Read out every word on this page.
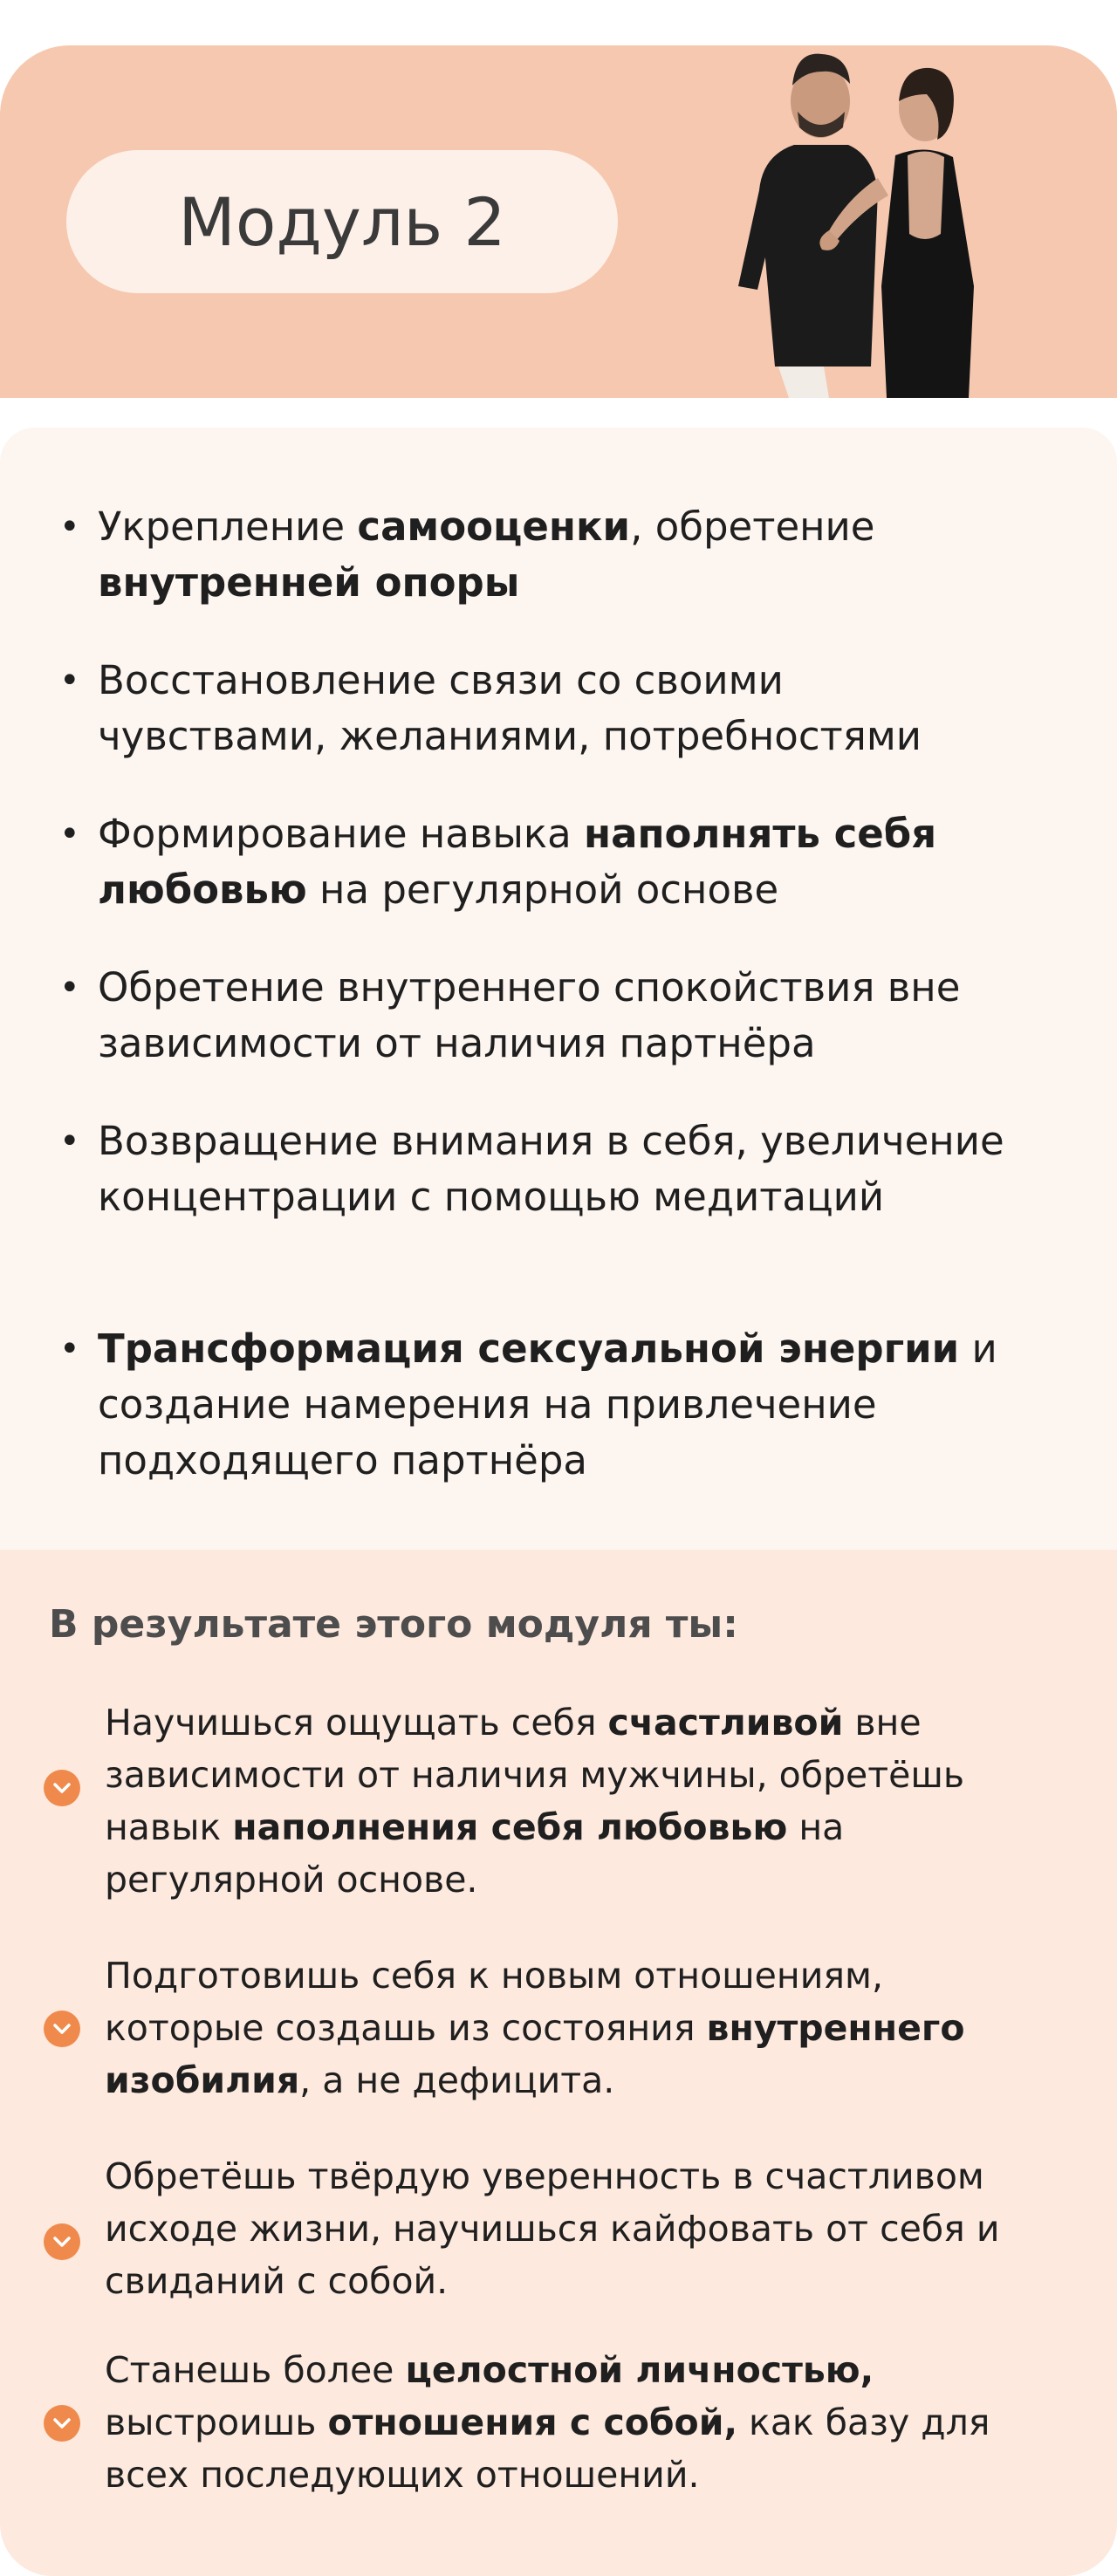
Модуль 2
• Укрепление самооценки, обретение внутренней опоры
• Восстановление связи со своими чувствами, желаниями, потребностями
• Формирование навыка наполнять себя любовью на регулярной основе
• Обретение внутреннего спокойствия вне зависимости от наличия партнёра
• Возвращение внимания в себя, увеличение концентрации с помощью медитаций
• Трансформация сексуальной энергии и создание намерения на привлечение подходящего партнёра
В результате этого модуля ты:
Научишься ощущать себя счастливой вне зависимости от наличия мужчины, обретёшь навык наполнения себя любовью на регулярной основе.
Подготовишь себя к новым отношениям, которые создашь из состояния внутреннего изобилия, а не дефицита.
Обретёшь твёрдую уверенность в счастливом исходе жизни, научишься кайфовать от себя и свиданий с собой.
Станешь более целостной личностью, выстроишь отношения с собой, как базу для всех последующих отношений.
